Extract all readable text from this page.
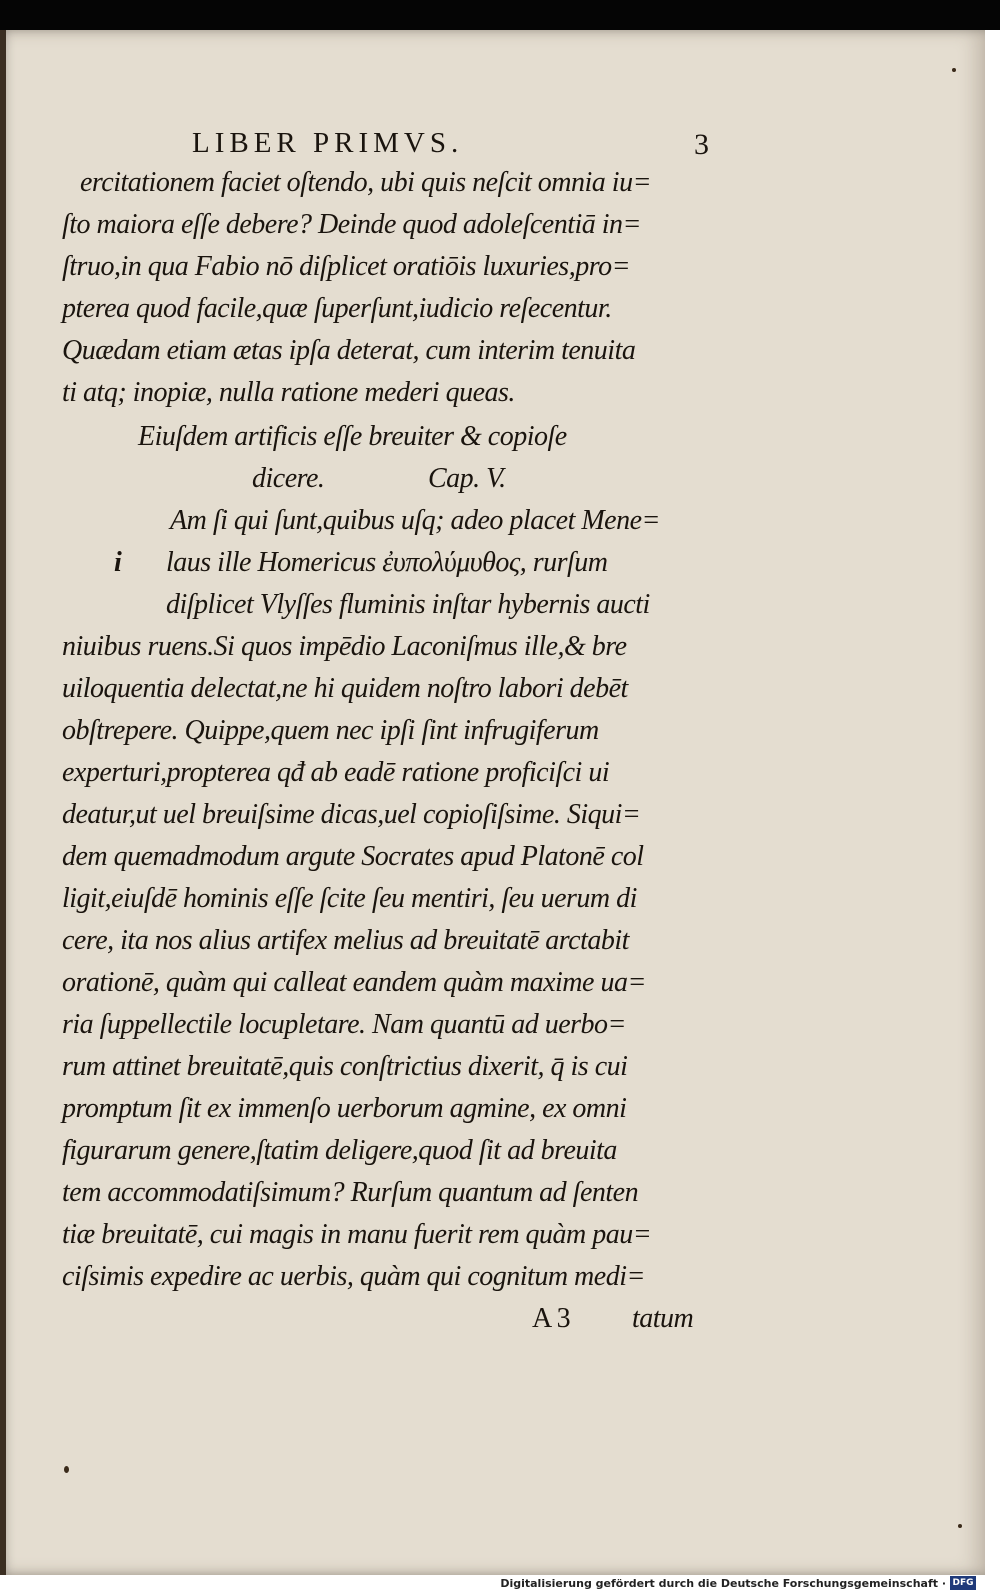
LIBER PRIMVS.	3
ercitationem faciet oſtendo, ubi quis neſcit omnia iu=
ſto maiora eſſe debere? Deinde quod adoleſcentiā in=
ſtruo,in qua Fabio nō diſplicet oratiōis luxuries,pro=
pterea quod facile,quæ ſuperſunt,iudicio reſecentur.
Quædam etiam ætas ipſa deterat, cum interim tenuita
ti atq; inopiæ, nulla ratione mederi queas.
Eiuſdem artificis eſſe breuiter & copioſe
dicere.	Cap. V.
i
Am ſi qui ſunt,quibus uſq; adeo placet Mene=
laus ille Homericus ἐυπολύμυθος, rurſum
diſplicet Vlyſſes fluminis inſtar hybernis aucti
niuibus ruens.Si quos impēdio Laconiſmus ille,& bre
uiloquentia delectat,ne hi quidem noſtro labori debēt
obſtrepere. Quippe,quem nec ipſi ſint infrugiferum
experturi,propterea qđ ab eadē ratione proficiſci ui
deatur,ut uel breuiſsime dicas,uel copioſiſsime. Siqui=
dem quemadmodum argute Socrates apud Platonē col
ligit,eiuſdē hominis eſſe ſcite ſeu mentiri, ſeu uerum di
cere, ita nos alius artifex melius ad breuitatē arctabit
orationē, quàm qui calleat eandem quàm maxime ua=
ria ſuppellectile locupletare. Nam quantū ad uerbo=
rum attinet breuitatē,quis conſtrictius dixerit, q̄ is cui
promptum ſit ex immenſo uerborum agmine, ex omni
figurarum genere,ſtatim deligere,quod ſit ad breuita
tem accommodatiſsimum? Rurſum quantum ad ſenten
tiæ breuitatē, cui magis in manu fuerit rem quàm pau=
ciſsimis expedire ac uerbis, quàm qui cognitum medi=
A 3 tatum
Digitalisierung gefördert durch die Deutsche Forschungsgemeinschaft · DFG
